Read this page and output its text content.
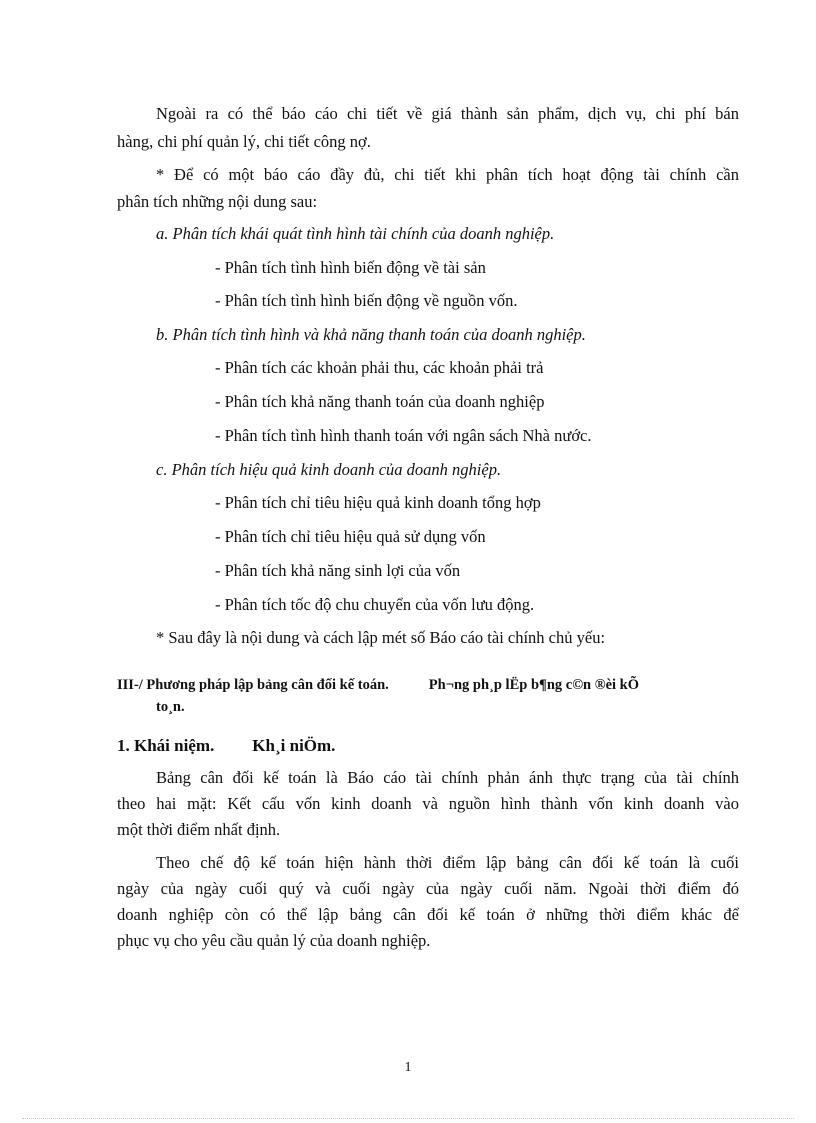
Ngoài ra có thể báo cáo chi tiết về giá thành sản phẩm, dịch vụ, chi phí bán
hàng, chi phí quản lý, chi tiết công nợ.
* Để có một báo cáo đầy đủ, chi tiết khi phân tích hoạt động tài chính cần
phân tích những nội dung sau:
a. Phân tích khái quát tình hình tài chính của doanh nghiệp.
- Phân tích tình hình biến động về tài sản
- Phân tích tình hình biến động về nguồn vốn.
b. Phân tích tình hình và khả năng thanh toán của doanh nghiệp.
- Phân tích các khoản phải thu, các khoản phải trả
- Phân tích khả năng thanh toán của doanh nghiệp
- Phân tích tình hình thanh toán với ngân sách Nhà nước.
c. Phân tích hiệu quả kinh doanh của doanh nghiệp.
- Phân tích chỉ tiêu hiệu quả kinh doanh tổng hợp
- Phân tích chỉ tiêu hiệu quả sử dụng vốn
- Phân tích khả năng sinh lợi của vốn
- Phân tích tốc độ chu chuyển của vốn lưu động.
* Sau đây là nội dung và cách lập mét số Báo cáo tài chính chủ yếu:
III-/ Phương pháp lập bảng cân đối kế toán.	Ph¬ng ph¸p lËp b¶ng c©n ®èi kÕ
to¸n.
1. Khái niệm. Kh¸i niÖm.
Bảng cân đối kế toán là Báo cáo tài chính phản ánh thực trạng của tài chính
theo hai mặt: Kết cấu vốn kinh doanh và nguồn hình thành vốn kinh doanh vào
một thời điểm nhất định.
Theo chế độ kế toán hiện hành thời điểm lập bảng cân đối kế toán là cuối
ngày của ngày cuối quý và cuối ngày của ngày cuối năm. Ngoài thời điểm đó
doanh nghiệp còn có thể lập bảng cân đối kế toán ở những thời điểm khác để
phục vụ cho yêu cầu quản lý của doanh nghiệp.
1
